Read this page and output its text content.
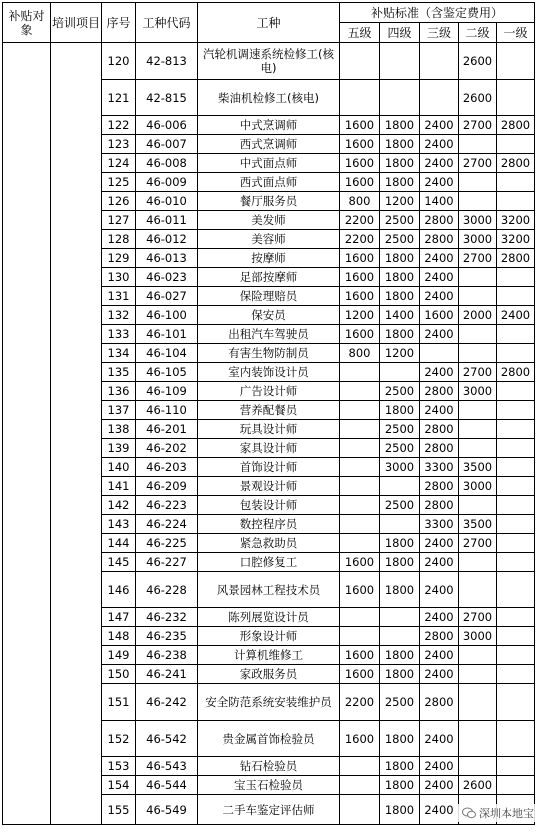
补贴对象	培训项目	序号	工种代码	工种	补贴标准（含鉴定费用）				
					五级	四级	三级	二级	一级
		120	42-813	汽轮机调速系统检修工(核电)				2600	
		121	42-815	柴油机检修工(核电)				2600	
		122	46-006	中式烹调师	1600	1800	2400	2700	2800
		123	46-007	西式烹调师	1600	1800	2400		
		124	46-008	中式面点师	1600	1800	2400	2700	2800
		125	46-009	西式面点师	1600	1800	2400		
		126	46-010	餐厅服务员	800	1200	1400		
		127	46-011	美发师	2200	2500	2800	3000	3200
		128	46-012	美容师	2200	2500	2800	3000	3200
		129	46-013	按摩师	1600	1800	2400	2700	2800
		130	46-023	足部按摩师	1600	1800	2400		
		131	46-027	保险理赔员	1600	1800	2400		
		132	46-100	保安员	1200	1400	1600	2000	2400
		133	46-101	出租汽车驾驶员	1600	1800	2400		
		134	46-104	有害生物防制员	800	1200			
		135	46-105	室内装饰设计员			2400	2700	2800
		136	46-109	广告设计师		2500	2800	3000	
		137	46-110	营养配餐员		1800	2400		
		138	46-201	玩具设计师		2500	2800		
		139	46-202	家具设计师		2500	2800		
		140	46-203	首饰设计师		3000	3300	3500	
		141	46-209	景观设计师			2800	3000	
		142	46-223	包装设计师		2500	2800		
		143	46-224	数控程序员			3300	3500	
		144	46-225	紧急救助员		1800	2400	2700	
		145	46-227	口腔修复工	1600	1800	2400		
		146	46-228	风景园林工程技术员	1600	1800	2400		
		147	46-232	陈列展览设计员			2400	2700	
		148	46-235	形象设计师			2800	3000	
		149	46-238	计算机维修工	1600	1800	2400		
		150	46-241	家政服务员	1600	1800	2400		
		151	46-242	安全防范系统安装维护员	2200	2500	2800		
		152	46-542	贵金属首饰检验员	1600	1800	2400		
		153	46-543	钻石检验员		1800	2400		
		154	46-544	宝玉石检验员		1800	2400	2600	
		155	46-549	二手车鉴定评估师		1800	2400		深圳本地宝
